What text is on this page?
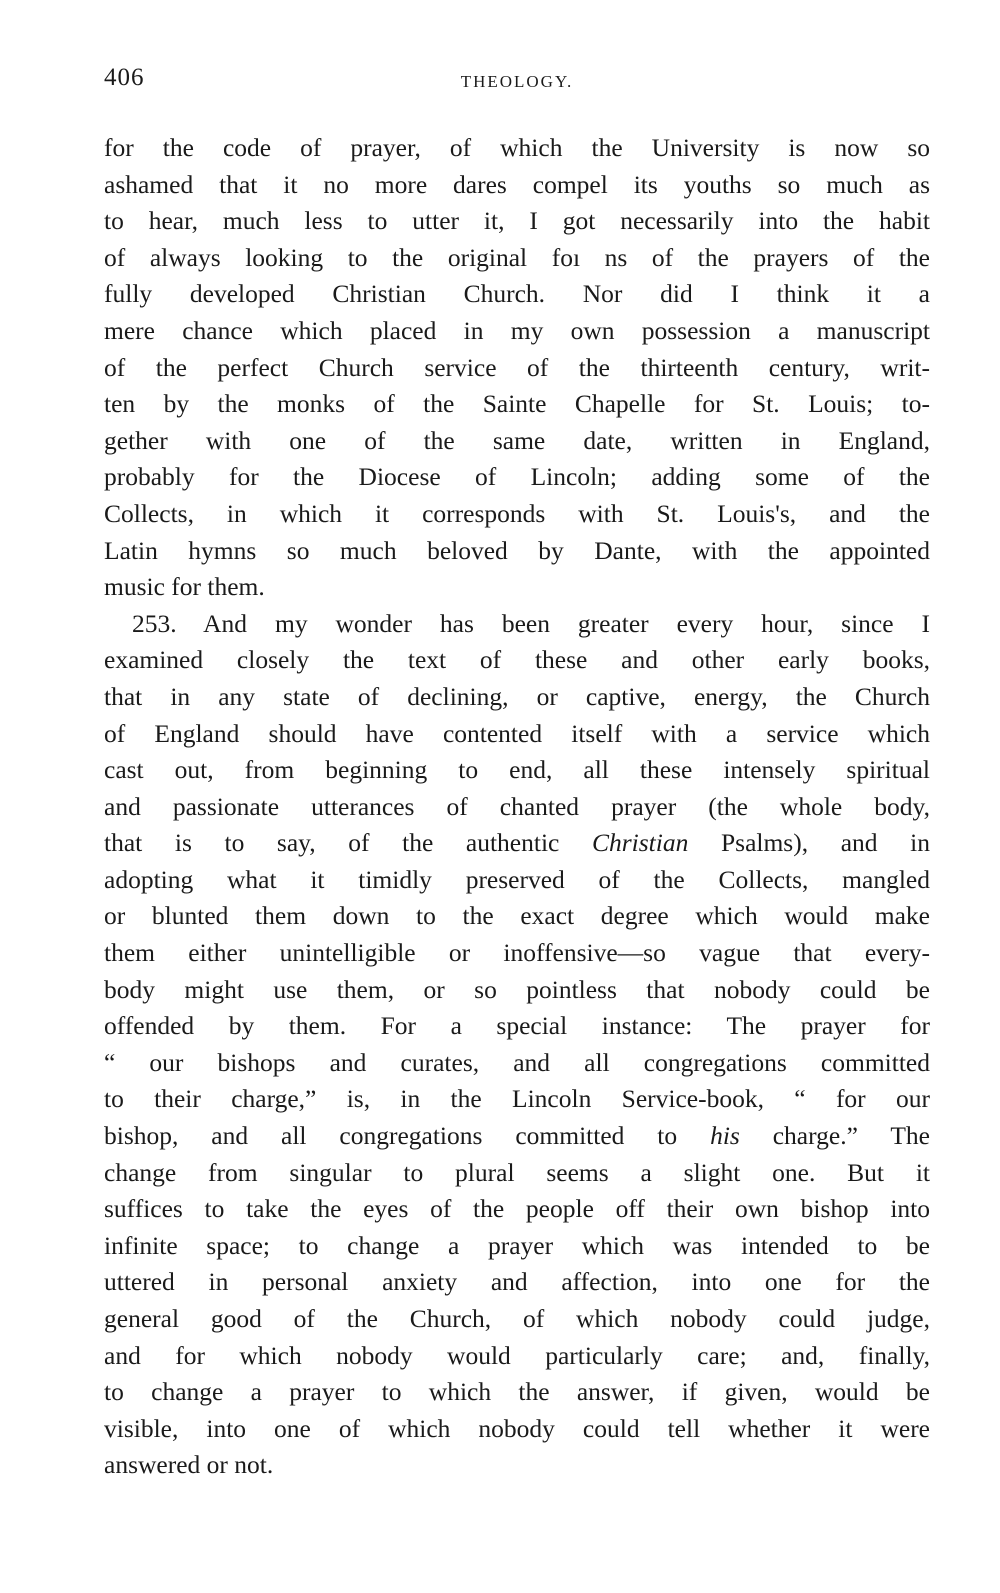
406	THEOLOGY.
for the code of prayer, of which the University is now so
ashamed that it no more dares compel its youths so much as
to hear, much less to utter it, I got necessarily into the habit
of always looking to the original foı ns of the prayers of the
fully developed Christian Church. Nor did I think it a
mere chance which placed in my own possession a manuscript
of the perfect Church service of the thirteenth century, writ-
ten by the monks of the Sainte Chapelle for St. Louis; to-
gether with one of the same date, written in England,
probably for the Diocese of Lincoln; adding some of the
Collects, in which it corresponds with St. Louis's, and the
Latin hymns so much beloved by Dante, with the appointed
music for them.
253. And my wonder has been greater every hour, since I
examined closely the text of these and other early books,
that in any state of declining, or captive, energy, the Church
of England should have contented itself with a service which
cast out, from beginning to end, all these intensely spiritual
and passionate utterances of chanted prayer (the whole body,
that is to say, of the authentic Christian Psalms), and in
adopting what it timidly preserved of the Collects, mangled
or blunted them down to the exact degree which would make
them either unintelligible or inoffensive—so vague that every-
body might use them, or so pointless that nobody could be
offended by them. For a special instance: The prayer for
“ our bishops and curates, and all congregations committed
to their charge,” is, in the Lincoln Service-book, “ for our
bishop, and all congregations committed to his charge.” The
change from singular to plural seems a slight one. But it
suffices to take the eyes of the people off their own bishop into
infinite space; to change a prayer which was intended to be
uttered in personal anxiety and affection, into one for the
general good of the Church, of which nobody could judge,
and for which nobody would particularly care; and, finally,
to change a prayer to which the answer, if given, would be
visible, into one of which nobody could tell whether it were
answered or not.
